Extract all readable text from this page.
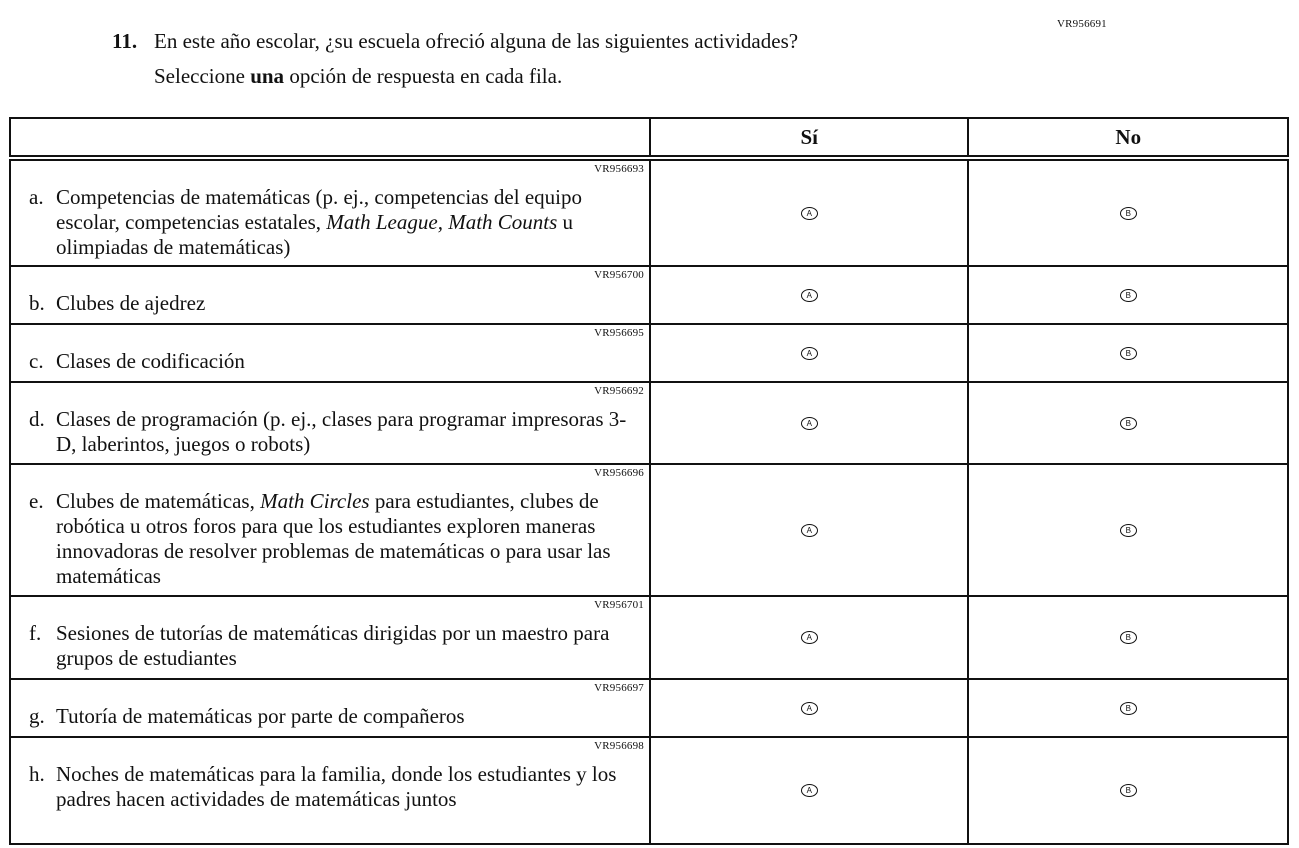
11. En este año escolar, ¿su escuela ofreció alguna de las siguientes actividades?
Seleccione una opción de respuesta en cada fila.
VR956691
	Sí	No

VR956693
a. Competencias de matemáticas (p. ej., competencias del equipo escolar, competencias estatales, Math League, Math Counts u olimpiadas de matemáticas)	A	B

VR956700
b. Clubes de ajedrez	A	B

VR956695
c. Clases de codificación	A	B

VR956692
d. Clases de programación (p. ej., clases para programar impresoras 3-D, laberintos, juegos o robots)	A	B

VR956696
e. Clubes de matemáticas, Math Circles para estudiantes, clubes de robótica u otros foros para que los estudiantes exploren maneras innovadoras de resolver problemas de matemáticas o para usar las matemáticas	A	B

VR956701
f. Sesiones de tutorías de matemáticas dirigidas por un maestro para grupos de estudiantes	A	B

VR956697
g. Tutoría de matemáticas por parte de compañeros	A	B

VR956698
h. Noches de matemáticas para la familia, donde los estudiantes y los padres hacen actividades de matemáticas juntos	A	B
